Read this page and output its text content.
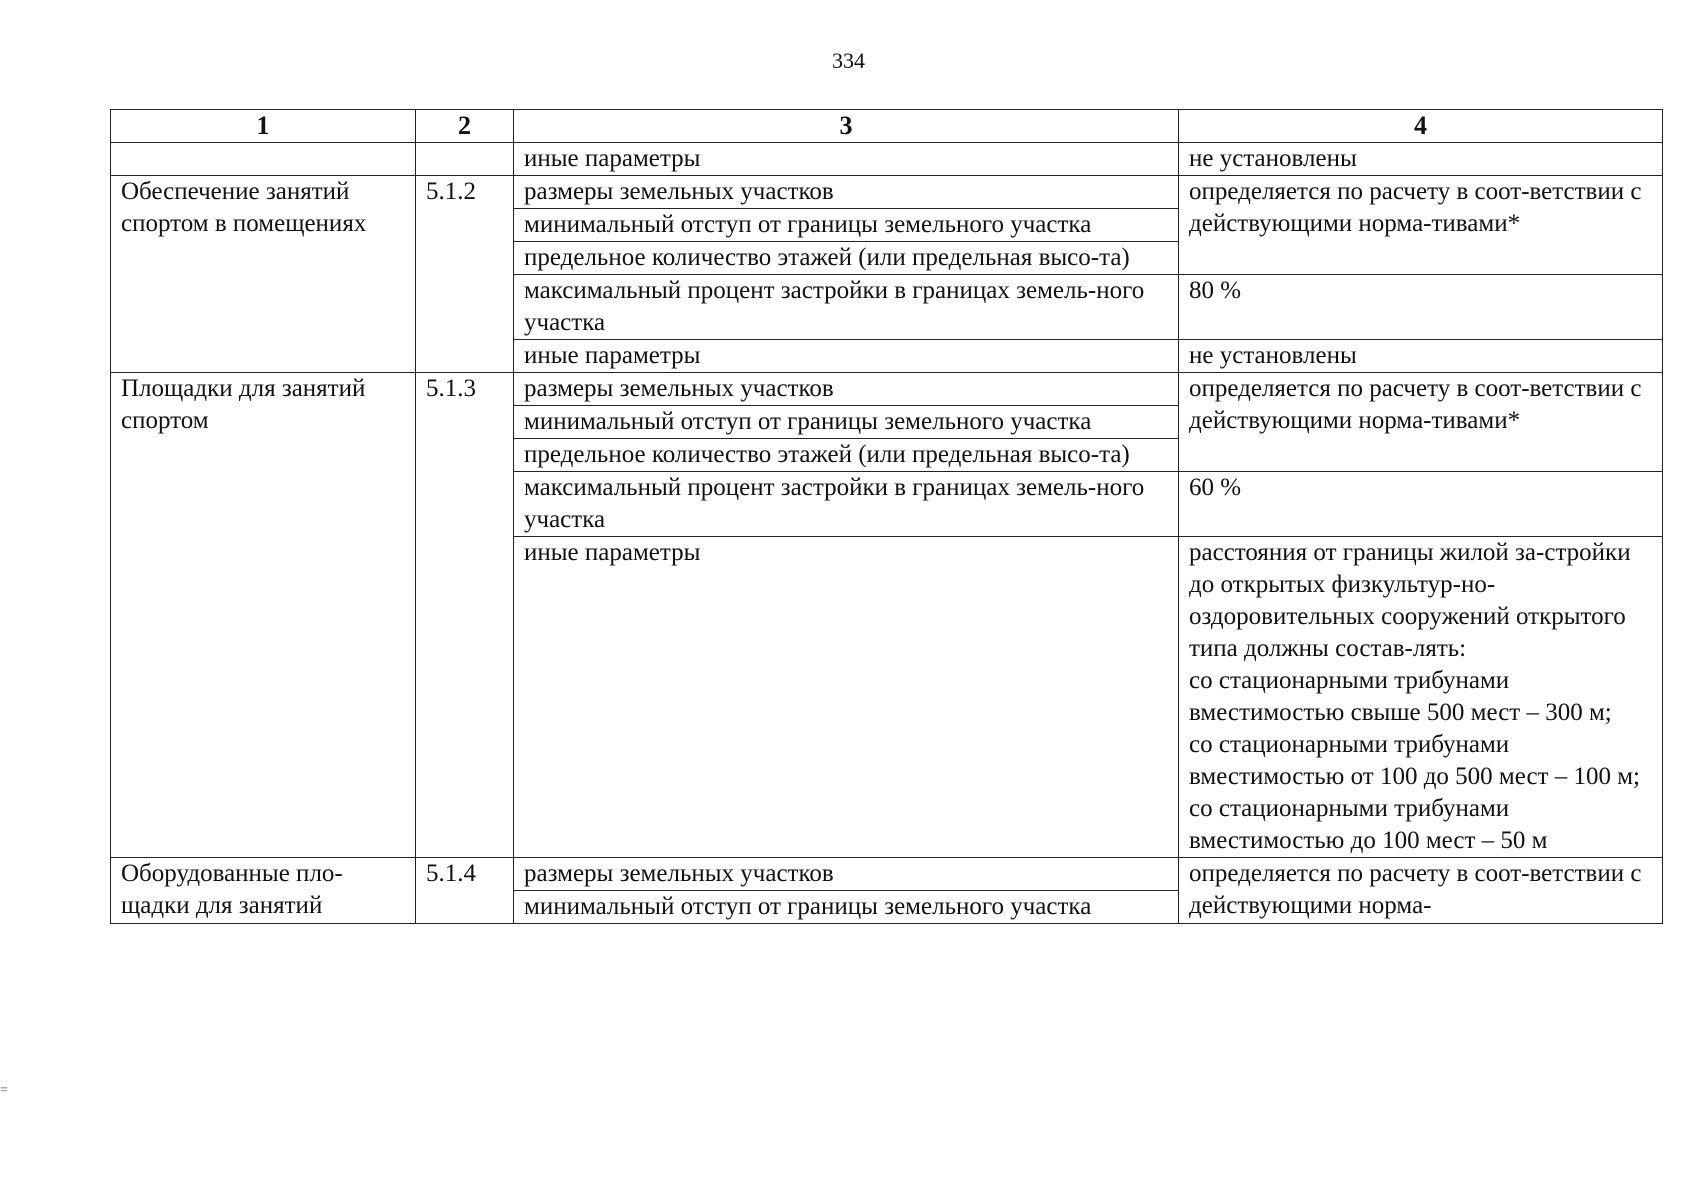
334
1	2	3	4
		иные параметры	не установлены
Обеспечение занятий спортом в помещениях	5.1.2	размеры земельных участков	определяется по расчету в соот-ветствии с действующими норма-тивами*
		минимальный отступ от границы земельного участка	
		предельное количество этажей (или предельная высо-та)	
		максимальный процент застройки в границах земель-ного участка	80 %
		иные параметры	не установлены
Площадки для занятий спортом	5.1.3	размеры земельных участков	определяется по расчету в соот-ветствии с действующими норма-тивами*
		минимальный отступ от границы земельного участка	
		предельное количество этажей (или предельная высо-та)	
		максимальный процент застройки в границах земель-ного участка	60 %
		иные параметры	расстояния от границы жилой за-стройки до открытых физкультур-но-оздоровительных сооружений открытого типа должны состав-лять:
со стационарными трибунами вместимостью свыше 500 мест – 300 м;
со стационарными трибунами вместимостью от 100 до 500 мест – 100 м;
со стационарными трибунами вместимостью до 100 мест – 50 м

Оборудованные пло-щадки для занятий	5.1.4	размеры земельных участков	определяется по расчету в соот-ветствии с действующими норма-
		минимальный отступ от границы земельного участка	
=
